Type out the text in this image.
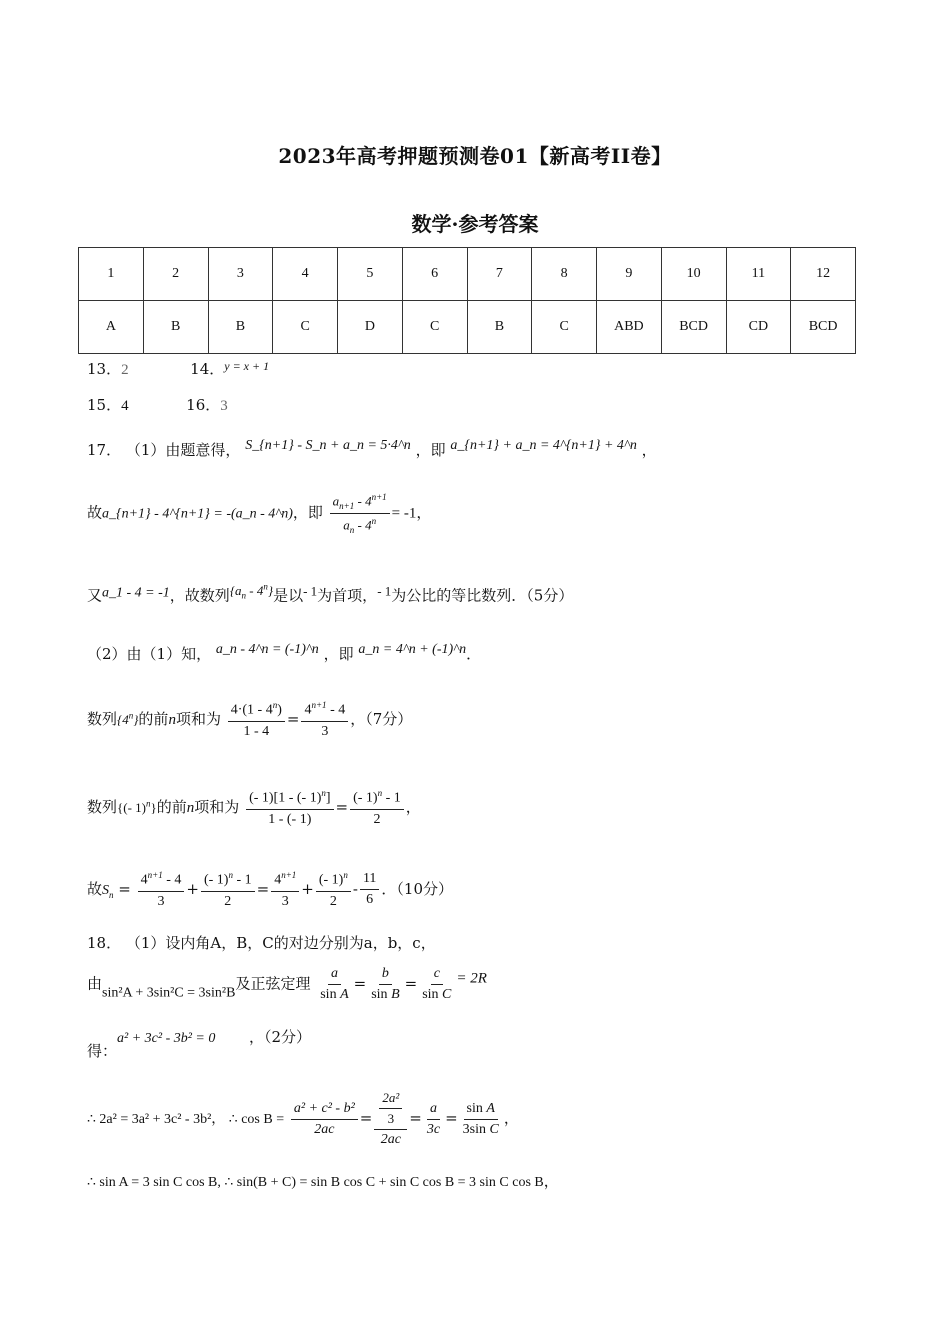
2023年高考押题预测卷01【新高考II卷】
数学·参考答案
1	2	3	4	5	6	7	8	9	10	11	12
A	B	B	C	D	C	B	C	ABD	BCD	CD	BCD
13．2	14．$^{y = x + 1}$
15．4	16．3
17． （1）由题意得， S_{n+1} - S_n + a_n = 5·4^n ，即 a_{n+1} + a_n = 4^{n+1} + 4^n ，
故a_{n+1} - 4^{n+1} = -(a_n - 4^n)，即 $\frac{a_{n+1} - 4^{n+1}}{a_n - 4^n} = -1$，
又a_1 - 4 = -1，故数列$\{a_n - 4^n\}$是以- 1为首项，- 1为公比的等比数列．（5分）
（2）由（1）知， a_n - 4^n = (-1)^n ，即 a_n = 4^n + (-1)^n．
数列{4$^n$}的前n项和为 $\frac{4\cdot(1 - 4^n)}{1 - 4} = \frac{4^{n+1} - 4}{3}$ ，（7分）
数列{(- 1)$^n$}的前n项和为 $\frac{(- 1)[1 - (- 1)^n]}{1 - (- 1)} = \frac{(- 1)^n - 1}{2}$ ，
故$S_n = \frac{4^{n+1} - 4}{3} + \frac{(- 1)^n - 1}{2} = \frac{4^{n+1}}{3} + \frac{(- 1)^n}{2} - \frac{11}{6}$ ．（10分）
18． （1）设内角A，B，C的对边分别为a，b，c，
由sin²A + 3sin²C = 3sin²B及正弦定理 $\frac{a}{\text{sin A}} = \frac{b}{\text{sin B}} = \frac{c}{\text{sin C}} = 2R$
得：a² + 3c² - 3b² = 0 ，（2分）
∴ 2a² = 3a² + 3c² - 3b²， ∴ $\cos B = \frac{\text{a² + c² - b²}}{2ac} = \frac{\frac{\text{2a²}}{3}}{2ac} = \frac{a}{3c} = \frac{\text{sin A}}{\text{3sin C}}$ ，
∴ sin A = 3 sin C cos B, ∴ sin(B + C) = sin B cos C + sin C cos B = 3 sin C cos B，
